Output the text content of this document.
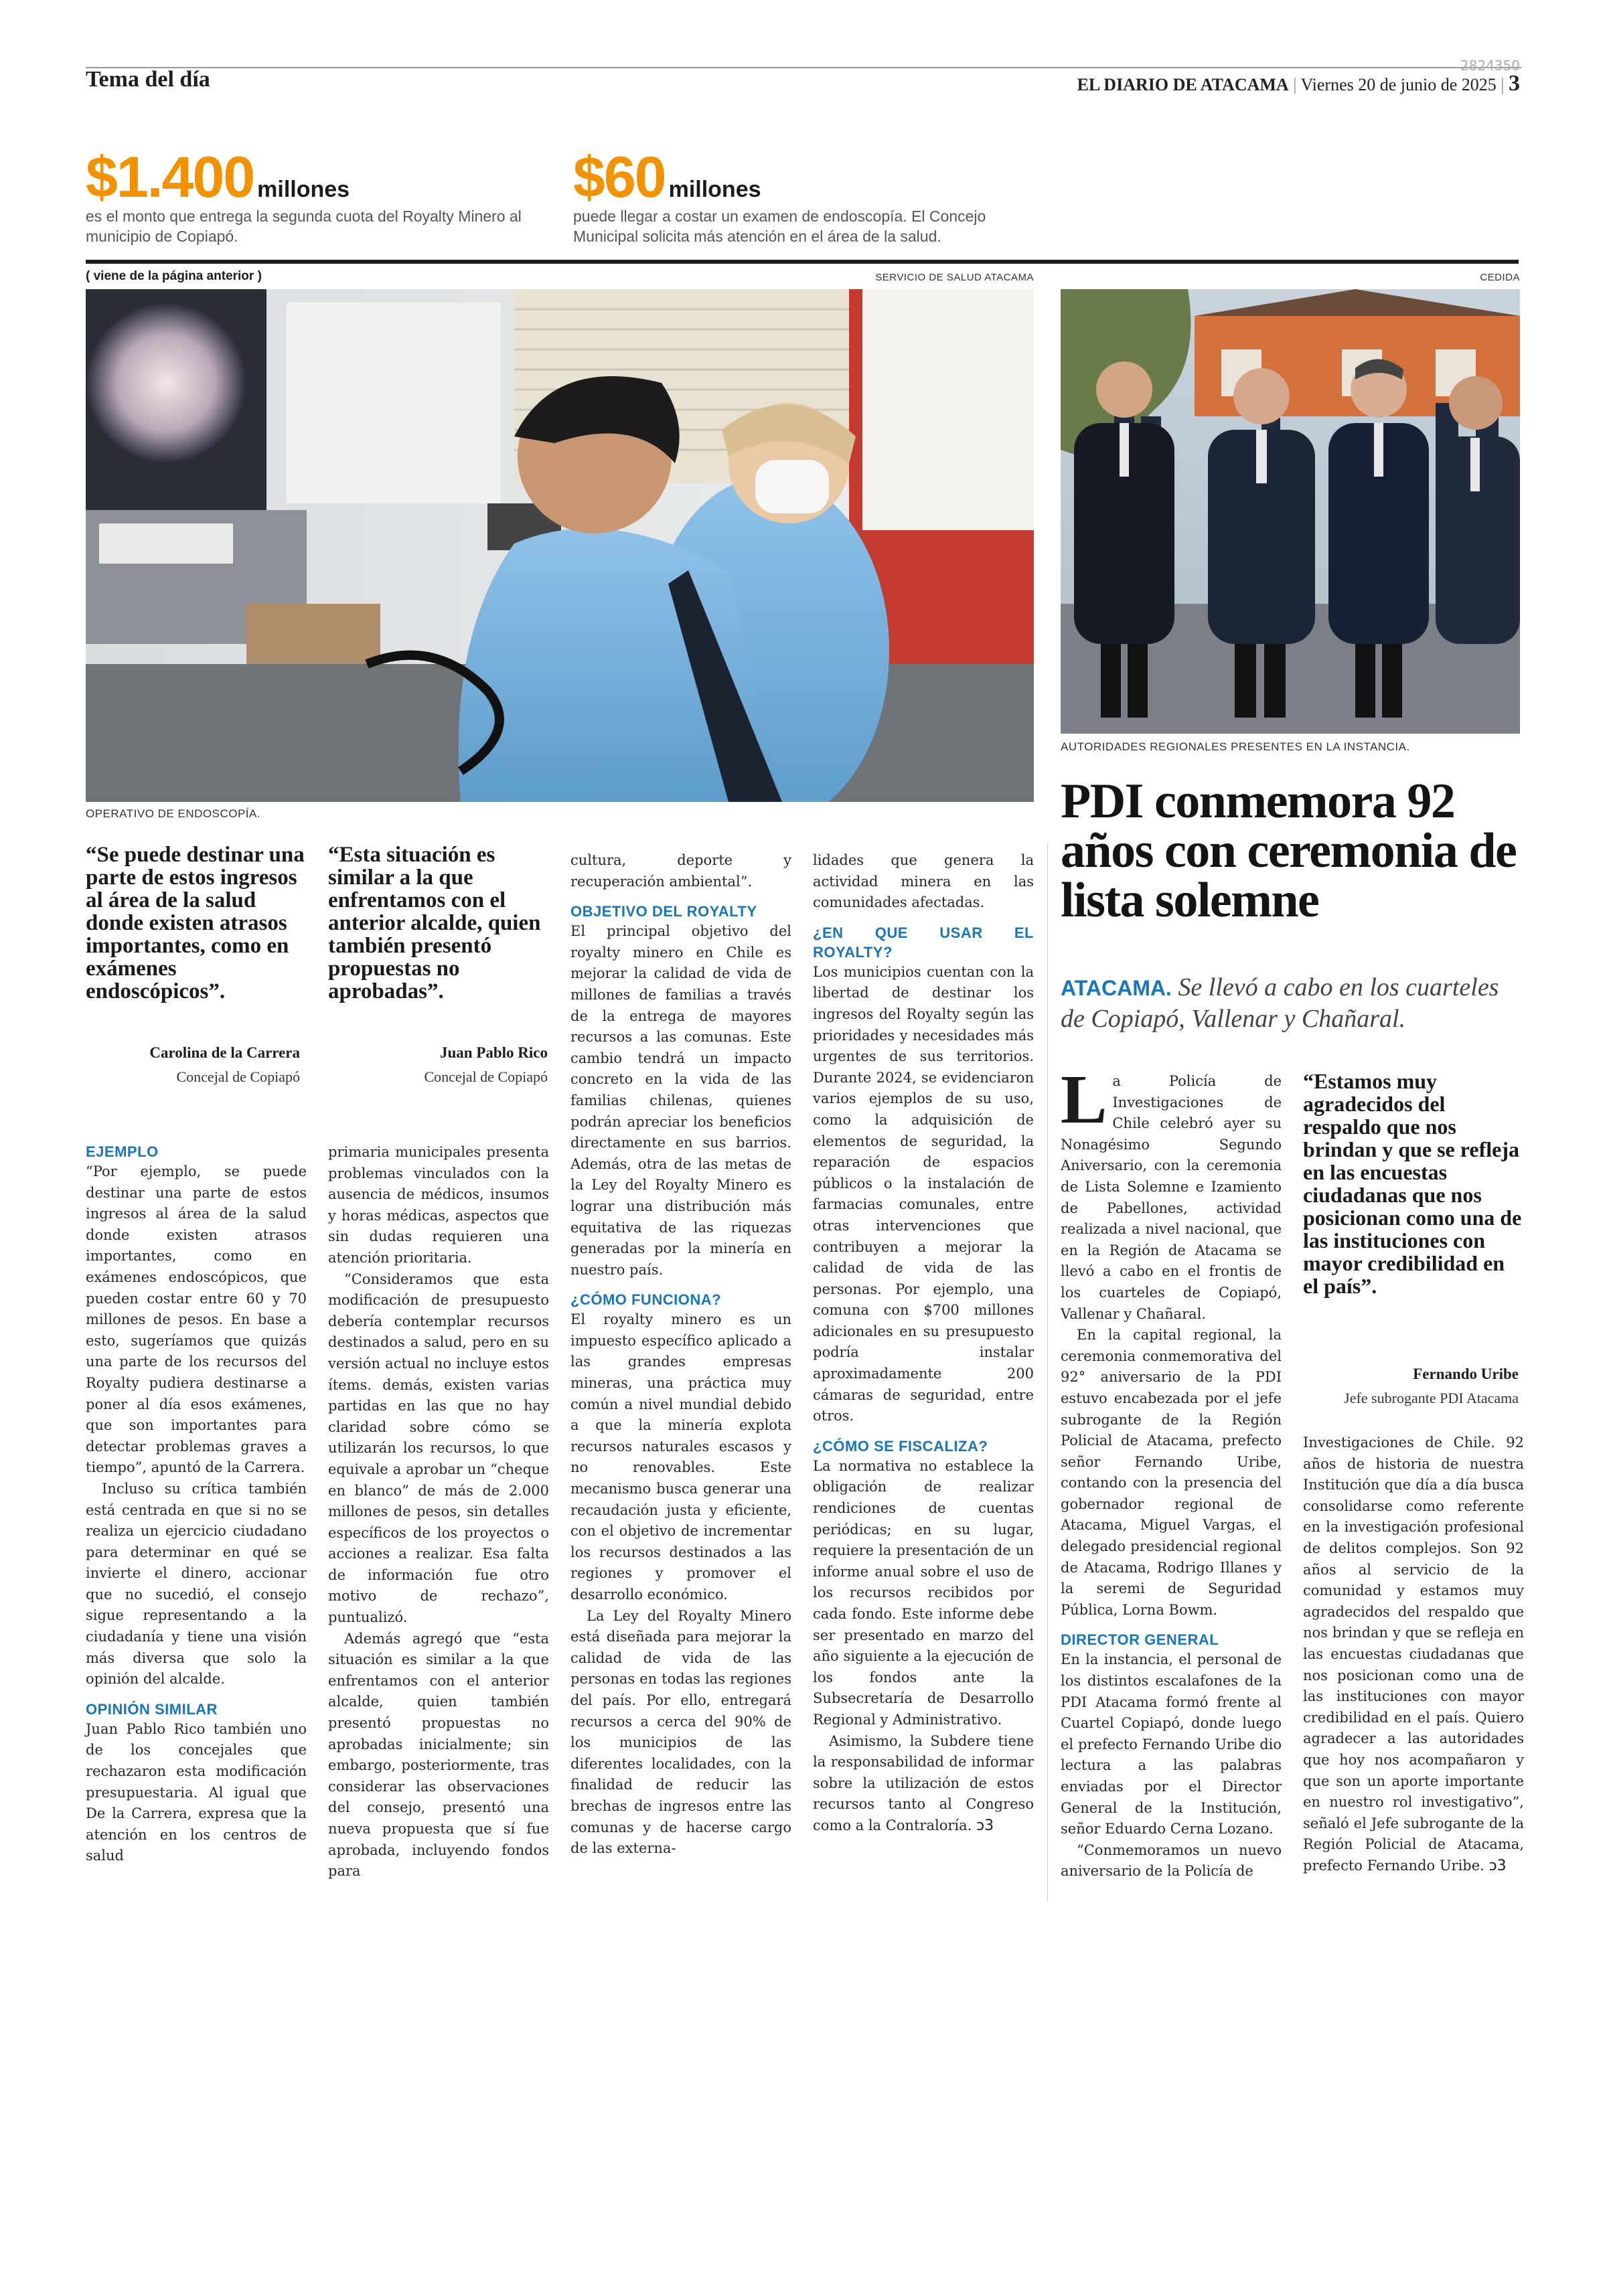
Tema del día
2824350
EL DIARIO DE ATACAMA | Viernes 20 de junio de 2025 | 3
$1.400 millones
es el monto que entrega la segunda cuota del Royalty Minero al municipio de Copiapó.
$60 millones
puede llegar a costar un examen de endoscopía. El Concejo Municipal solicita más atención en el área de la salud.
( viene de la página anterior )	SERVICIO DE SALUD ATACAMA	CEDIDA
OPERATIVO DE ENDOSCOPÍA.
AUTORIDADES REGIONALES PRESENTES EN LA INSTANCIA.
“Se puede destinar una parte de estos ingresos al área de la salud donde existen atrasos importantes, como en exámenes endoscópicos”.
Carolina de la Carrera
Concejal de Copiapó
“Esta situación es similar a la que enfrentamos con el anterior alcalde, quien también presentó propuestas no aprobadas”.
Juan Pablo Rico
Concejal de Copiapó
EJEMPLO

“Por ejemplo, se puede destinar una parte de estos ingresos al área de la salud donde existen atrasos importantes, como en exámenes endoscópicos, que pueden costar entre 60 y 70 millones de pesos. En base a esto, sugeríamos que quizás una parte de los recursos del Royalty pudiera destinarse a poner al día esos exámenes, que son importantes para detectar problemas graves a tiempo”, apuntó de la Carrera.

Incluso su crítica también está centrada en que si no se realiza un ejercicio ciudadano para determinar en qué se invierte el dinero, accionar que no sucedió, el consejo sigue representando a la ciudadanía y tiene una visión más diversa que solo la opinión del alcalde.

OPINIÓN SIMILAR

Juan Pablo Rico también uno de los concejales que rechazaron esta modificación presupuestaria. Al igual que De la Carrera, expresa que la atención en los centros de salud

primaria municipales presenta problemas vinculados con la ausencia de médicos, insumos y horas médicas, aspectos que sin dudas requieren una atención prioritaria.

“Consideramos que esta modificación de presupuesto debería contemplar recursos destinados a salud, pero en su versión actual no incluye estos ítems. demás, existen varias partidas en las que no hay claridad sobre cómo se utilizarán los recursos, lo que equivale a aprobar un “cheque en blanco” de más de 2.000 millones de pesos, sin detalles específicos de los proyectos o acciones a realizar. Esa falta de información fue otro motivo de rechazo”, puntualizó.

Además agregó que “esta situación es similar a la que enfrentamos con el anterior alcalde, quien también presentó propuestas no aprobadas inicialmente; sin embargo, posteriormente, tras considerar las observaciones del consejo, presentó una nueva propuesta que sí fue aprobada, incluyendo fondos para

cultura, deporte y recuperación ambiental”.

OBJETIVO DEL ROYALTY

El principal objetivo del royalty minero en Chile es mejorar la calidad de vida de millones de familias a través de la entrega de mayores recursos a las comunas. Este cambio tendrá un impacto concreto en la vida de las familias chilenas, quienes podrán apreciar los beneficios directamente en sus barrios. Además, otra de las metas de la Ley del Royalty Minero es lograr una distribución más equitativa de las riquezas generadas por la minería en nuestro país.

¿CÓMO FUNCIONA?

El royalty minero es un impuesto específico aplicado a las grandes empresas mineras, una práctica muy común a nivel mundial debido a que la minería explota recursos naturales escasos y no renovables. Este mecanismo busca generar una recaudación justa y eficiente, con el objetivo de incrementar los recursos destinados a las regiones y promover el desarrollo económico.

La Ley del Royalty Minero está diseñada para mejorar la calidad de vida de las personas en todas las regiones del país. Por ello, entregará recursos a cerca del 90% de los municipios de las diferentes localidades, con la finalidad de reducir las brechas de ingresos entre las comunas y de hacerse cargo de las externa-

lidades que genera la actividad minera en las comunidades afectadas.

¿EN QUE USAR EL ROYALTY?

Los municipios cuentan con la libertad de destinar los ingresos del Royalty según las prioridades y necesidades más urgentes de sus territorios. Durante 2024, se evidenciaron varios ejemplos de su uso, como la adquisición de elementos de seguridad, la reparación de espacios públicos o la instalación de farmacias comunales, entre otras intervenciones que contribuyen a mejorar la calidad de vida de las personas. Por ejemplo, una comuna con $700 millones adicionales en su presupuesto podría instalar aproximadamente 200 cámaras de seguridad, entre otros.

¿CÓMO SE FISCALIZA?

La normativa no establece la obligación de realizar rendiciones de cuentas periódicas; en su lugar, requiere la presentación de un informe anual sobre el uso de los recursos recibidos por cada fondo. Este informe debe ser presentado en marzo del año siguiente a la ejecución de los fondos ante la Subsecretaría de Desarrollo Regional y Administrativo.

Asimismo, la Subdere tiene la responsabilidad de informar sobre la utilización de estos recursos tanto al Congreso como a la Contraloría. ↄ3

PDI conmemora 92 años con ceremonia de lista solemne
ATACAMA. Se llevó a cabo en los cuarteles de Copiapó, Vallenar y Chañaral.

La Policía de Investigaciones de Chile celebró ayer su Nonagésimo Segundo Aniversario, con la ceremonia de Lista Solemne e Izamiento de Pabellones, actividad realizada a nivel nacional, que en la Región de Atacama se llevó a cabo en el frontis de los cuarteles de Copiapó, Vallenar y Chañaral.

En la capital regional, la ceremonia conmemorativa del 92° aniversario de la PDI estuvo encabezada por el jefe subrogante de la Región Policial de Atacama, prefecto señor Fernando Uribe, contando con la presencia del gobernador regional de Atacama, Miguel Vargas, el delegado presidencial regional de Atacama, Rodrigo Illanes y la seremi de Seguridad Pública, Lorna Bowm.

DIRECTOR GENERAL

En la instancia, el personal de los distintos escalafones de la PDI Atacama formó frente al Cuartel Copiapó, donde luego el prefecto Fernando Uribe dio lectura a las palabras enviadas por el Director General de la Institución, señor Eduardo Cerna Lozano.

“Conmemoramos un nuevo aniversario de la Policía de

“Estamos muy agradecidos del respaldo que nos brindan y que se refleja en las encuestas ciudadanas que nos posicionan como una de las instituciones con mayor credibilidad en el país”.
Fernando Uribe
Jefe subrogante PDI Atacama

Investigaciones de Chile. 92 años de historia de nuestra Institución que día a día busca consolidarse como referente en la investigación profesional de delitos complejos. Son 92 años al servicio de la comunidad y estamos muy agradecidos del respaldo que nos brindan y que se refleja en las encuestas ciudadanas que nos posicionan como una de las instituciones con mayor credibilidad en el país. Quiero agradecer a las autoridades que hoy nos acompañaron y que son un aporte importante en nuestro rol investigativo”, señaló el Jefe subrogante de la Región Policial de Atacama, prefecto Fernando Uribe. ↄ3
